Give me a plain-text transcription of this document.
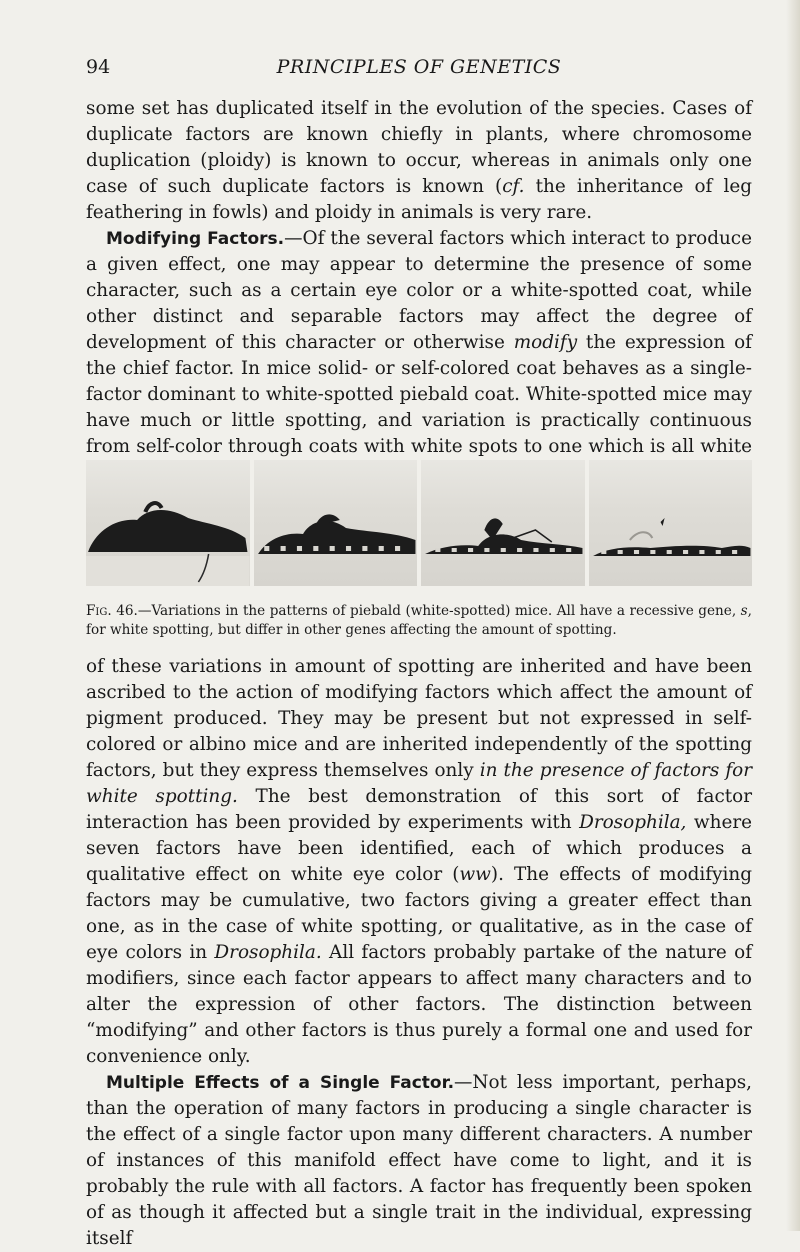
94	PRINCIPLES OF GENETICS

some set has duplicated itself in the evolution of the species. Cases of duplicate factors are known chiefly in plants, where chromosome duplication (ploidy) is known to occur, whereas in animals only one case of such duplicate factors is known (cf. the inheritance of leg feathering in fowls) and ploidy in animals is very rare.

Modifying Factors.—Of the several factors which interact to produce a given effect, one may appear to determine the presence of some character, such as a certain eye color or a white-spotted coat, while other distinct and separable factors may affect the degree of development of this character or otherwise modify the expression of the chief factor. In mice solid- or self-colored coat behaves as a single-factor dominant to white-spotted piebald coat. White-spotted mice may have much or little spotting, and variation is practically continuous from self-color through coats with white spots to one which is all white

Fig. 46.—Variations in the patterns of piebald (white-spotted) mice. All have a recessive gene, s, for white spotting, but differ in other genes affecting the amount of spotting.

of these variations in amount of spotting are inherited and have been ascribed to the action of modifying factors which affect the amount of pigment produced. They may be present but not expressed in self-colored or albino mice and are inherited independently of the spotting factors, but they express themselves only in the presence of factors for white spotting. The best demonstration of this sort of factor interaction has been provided by experiments with Drosophila, where seven factors have been identified, each of which produces a qualitative effect on white eye color (ww). The effects of modifying factors may be cumulative, two factors giving a greater effect than one, as in the case of white spotting, or qualitative, as in the case of eye colors in Drosophila. All factors probably partake of the nature of modifiers, since each factor appears to affect many characters and to alter the expression of other factors. The distinction between “modifying” and other factors is thus purely a formal one and used for convenience only.

Multiple Effects of a Single Factor.—Not less important, perhaps, than the operation of many factors in producing a single character is the effect of a single factor upon many different characters. A number of instances of this manifold effect have come to light, and it is probably the rule with all factors. A factor has frequently been spoken of as though it affected but a single trait in the individual, expressing itself
